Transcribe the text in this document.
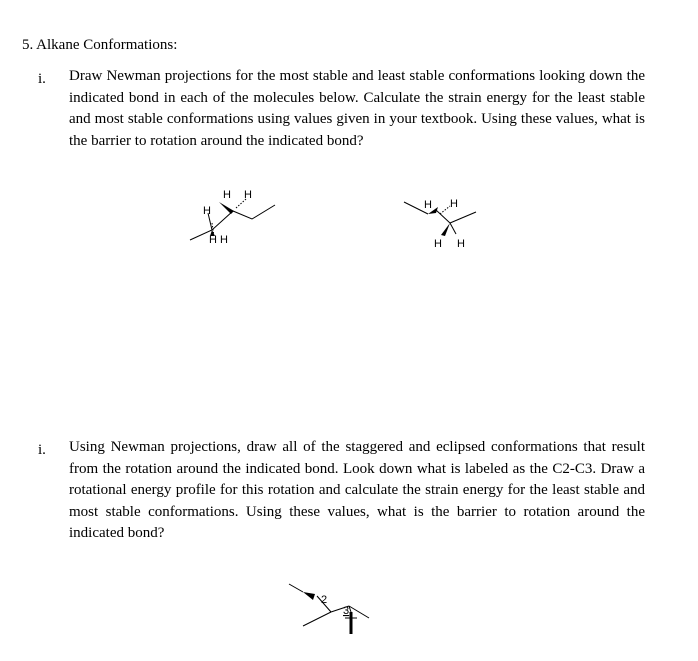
5. Alkane Conformations:
i. Draw Newman projections for the most stable and least stable conformations looking down the indicated bond in each of the molecules below. Calculate the strain energy for the least stable and most stable conformations using values given in your textbook. Using these values, what is the barrier to rotation around the indicated bond?
H
H H
H H
H H
H H
i. Using Newman projections, draw all of the staggered and eclipsed conformations that result from the rotation around the indicated bond. Look down what is labeled as the C2-C3. Draw a rotational energy profile for this rotation and calculate the strain energy for the least stable and most stable conformations. Using these values, what is the barrier to rotation around the indicated bond?
2
3
